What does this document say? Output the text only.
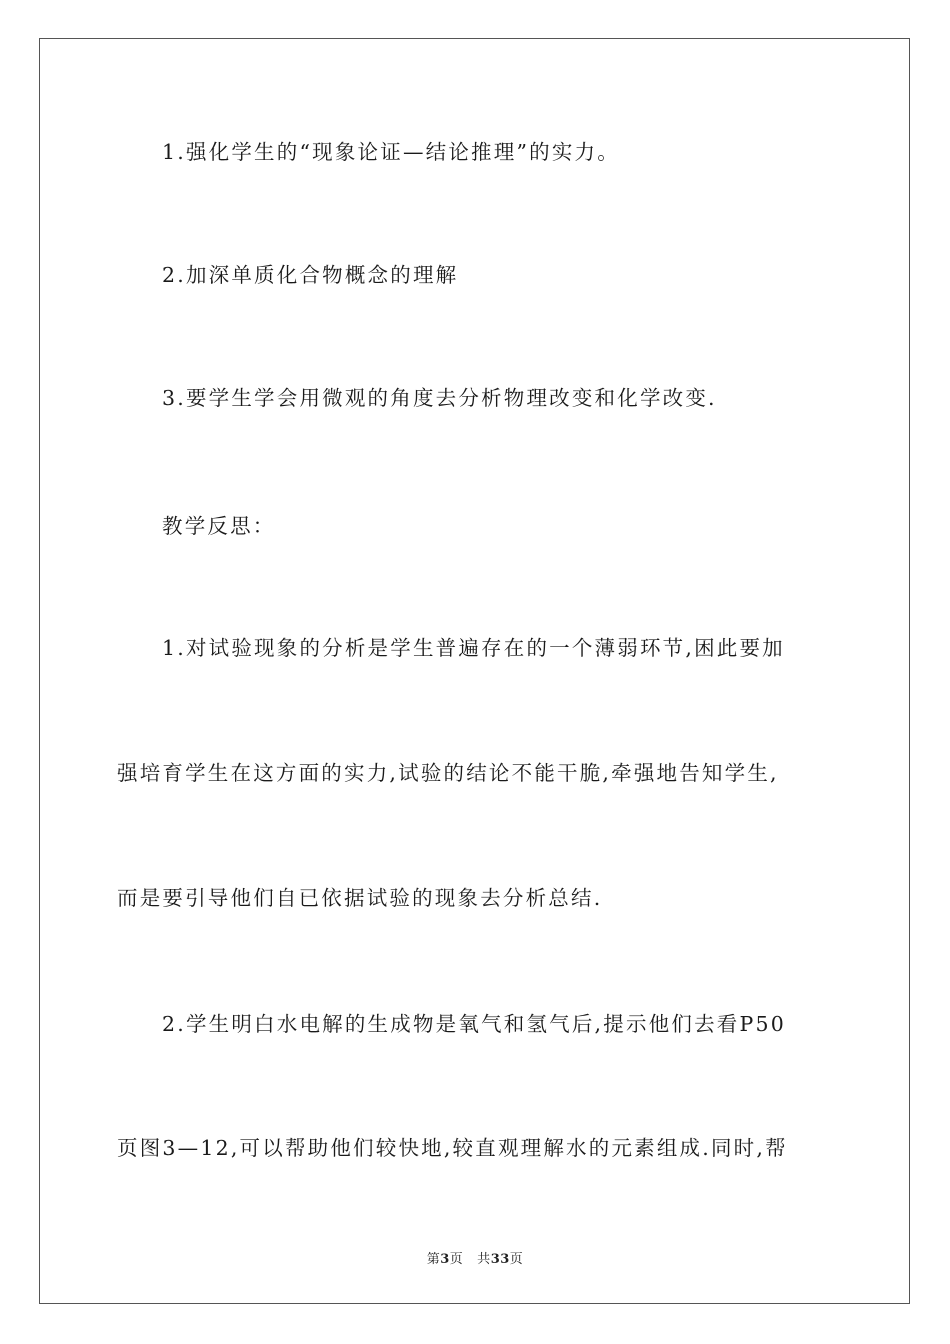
1.强化学生的“现象论证—结论推理”的实力。
2.加深单质化合物概念的理解
3.要学生学会用微观的角度去分析物理改变和化学改变.
教学反思：
1.对试验现象的分析是学生普遍存在的一个薄弱环节,困此要加
强培育学生在这方面的实力,试验的结论不能干脆,牵强地告知学生,
而是要引导他们自已依据试验的现象去分析总结.
2.学生明白水电解的生成物是氧气和氢气后,提示他们去看P50
页图3—12,可以帮助他们较快地,较直观理解水的元素组成.同时,帮
第3页 共33页
